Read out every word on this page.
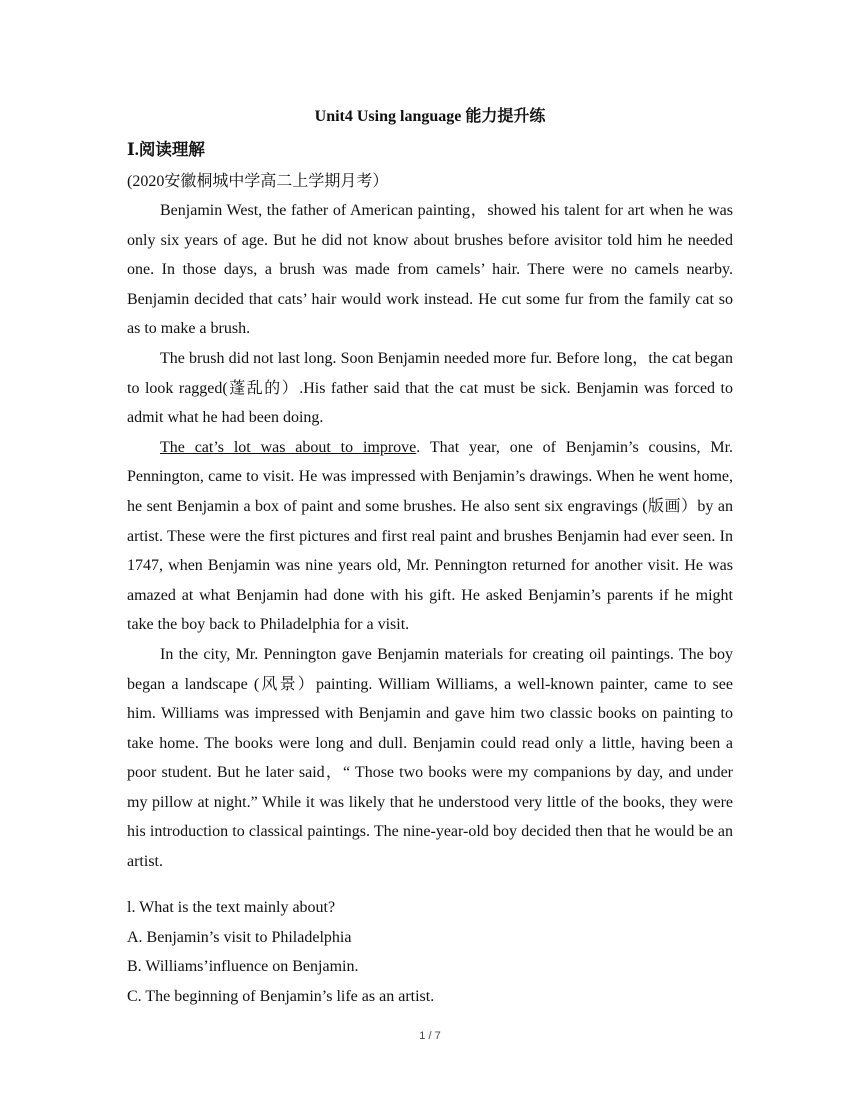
Unit4 Using language 能力提升练
Ⅰ.阅读理解
(2020安徽桐城中学高二上学期月考）

Benjamin West, the father of American painting，showed his talent for art when he was only six years of age. But he did not know about brushes before avisitor told him he needed one. In those days, a brush was made from camels’ hair. There were no camels nearby. Benjamin decided that cats’ hair would work instead. He cut some fur from the family cat so as to make a brush.

The brush did not last long. Soon Benjamin needed more fur. Before long，the cat began to look ragged(蓬乱的）.His father said that the cat must be sick. Benjamin was forced to admit what he had been doing.

The cat’s lot was about to improve. That year, one of Benjamin’s cousins, Mr. Pennington, came to visit. He was impressed with Benjamin’s drawings. When he went home, he sent Benjamin a box of paint and some brushes. He also sent six engravings (版画）by an artist. These were the first pictures and first real paint and brushes Benjamin had ever seen. In 1747, when Benjamin was nine years old, Mr. Pennington returned for another visit. He was amazed at what Benjamin had done with his gift. He asked Benjamin’s parents if he might take the boy back to Philadelphia for a visit.

In the city, Mr. Pennington gave Benjamin materials for creating oil paintings. The boy began a landscape (风景）painting. William Williams, a well-known painter, came to see him. Williams was impressed with Benjamin and gave him two classic books on painting to take home. The books were long and dull. Benjamin could read only a little, having been a poor student. But he later said，“ Those two books were my companions by day, and under my pillow at night.” While it was likely that he understood very little of the books, they were his introduction to classical paintings. The nine-year-old boy decided then that he would be an artist.

l. What is the text mainly about?
A. Benjamin’s visit to Philadelphia
B. Williams’influence on Benjamin.
C. The beginning of Benjamin’s life as an artist.
1 / 7
